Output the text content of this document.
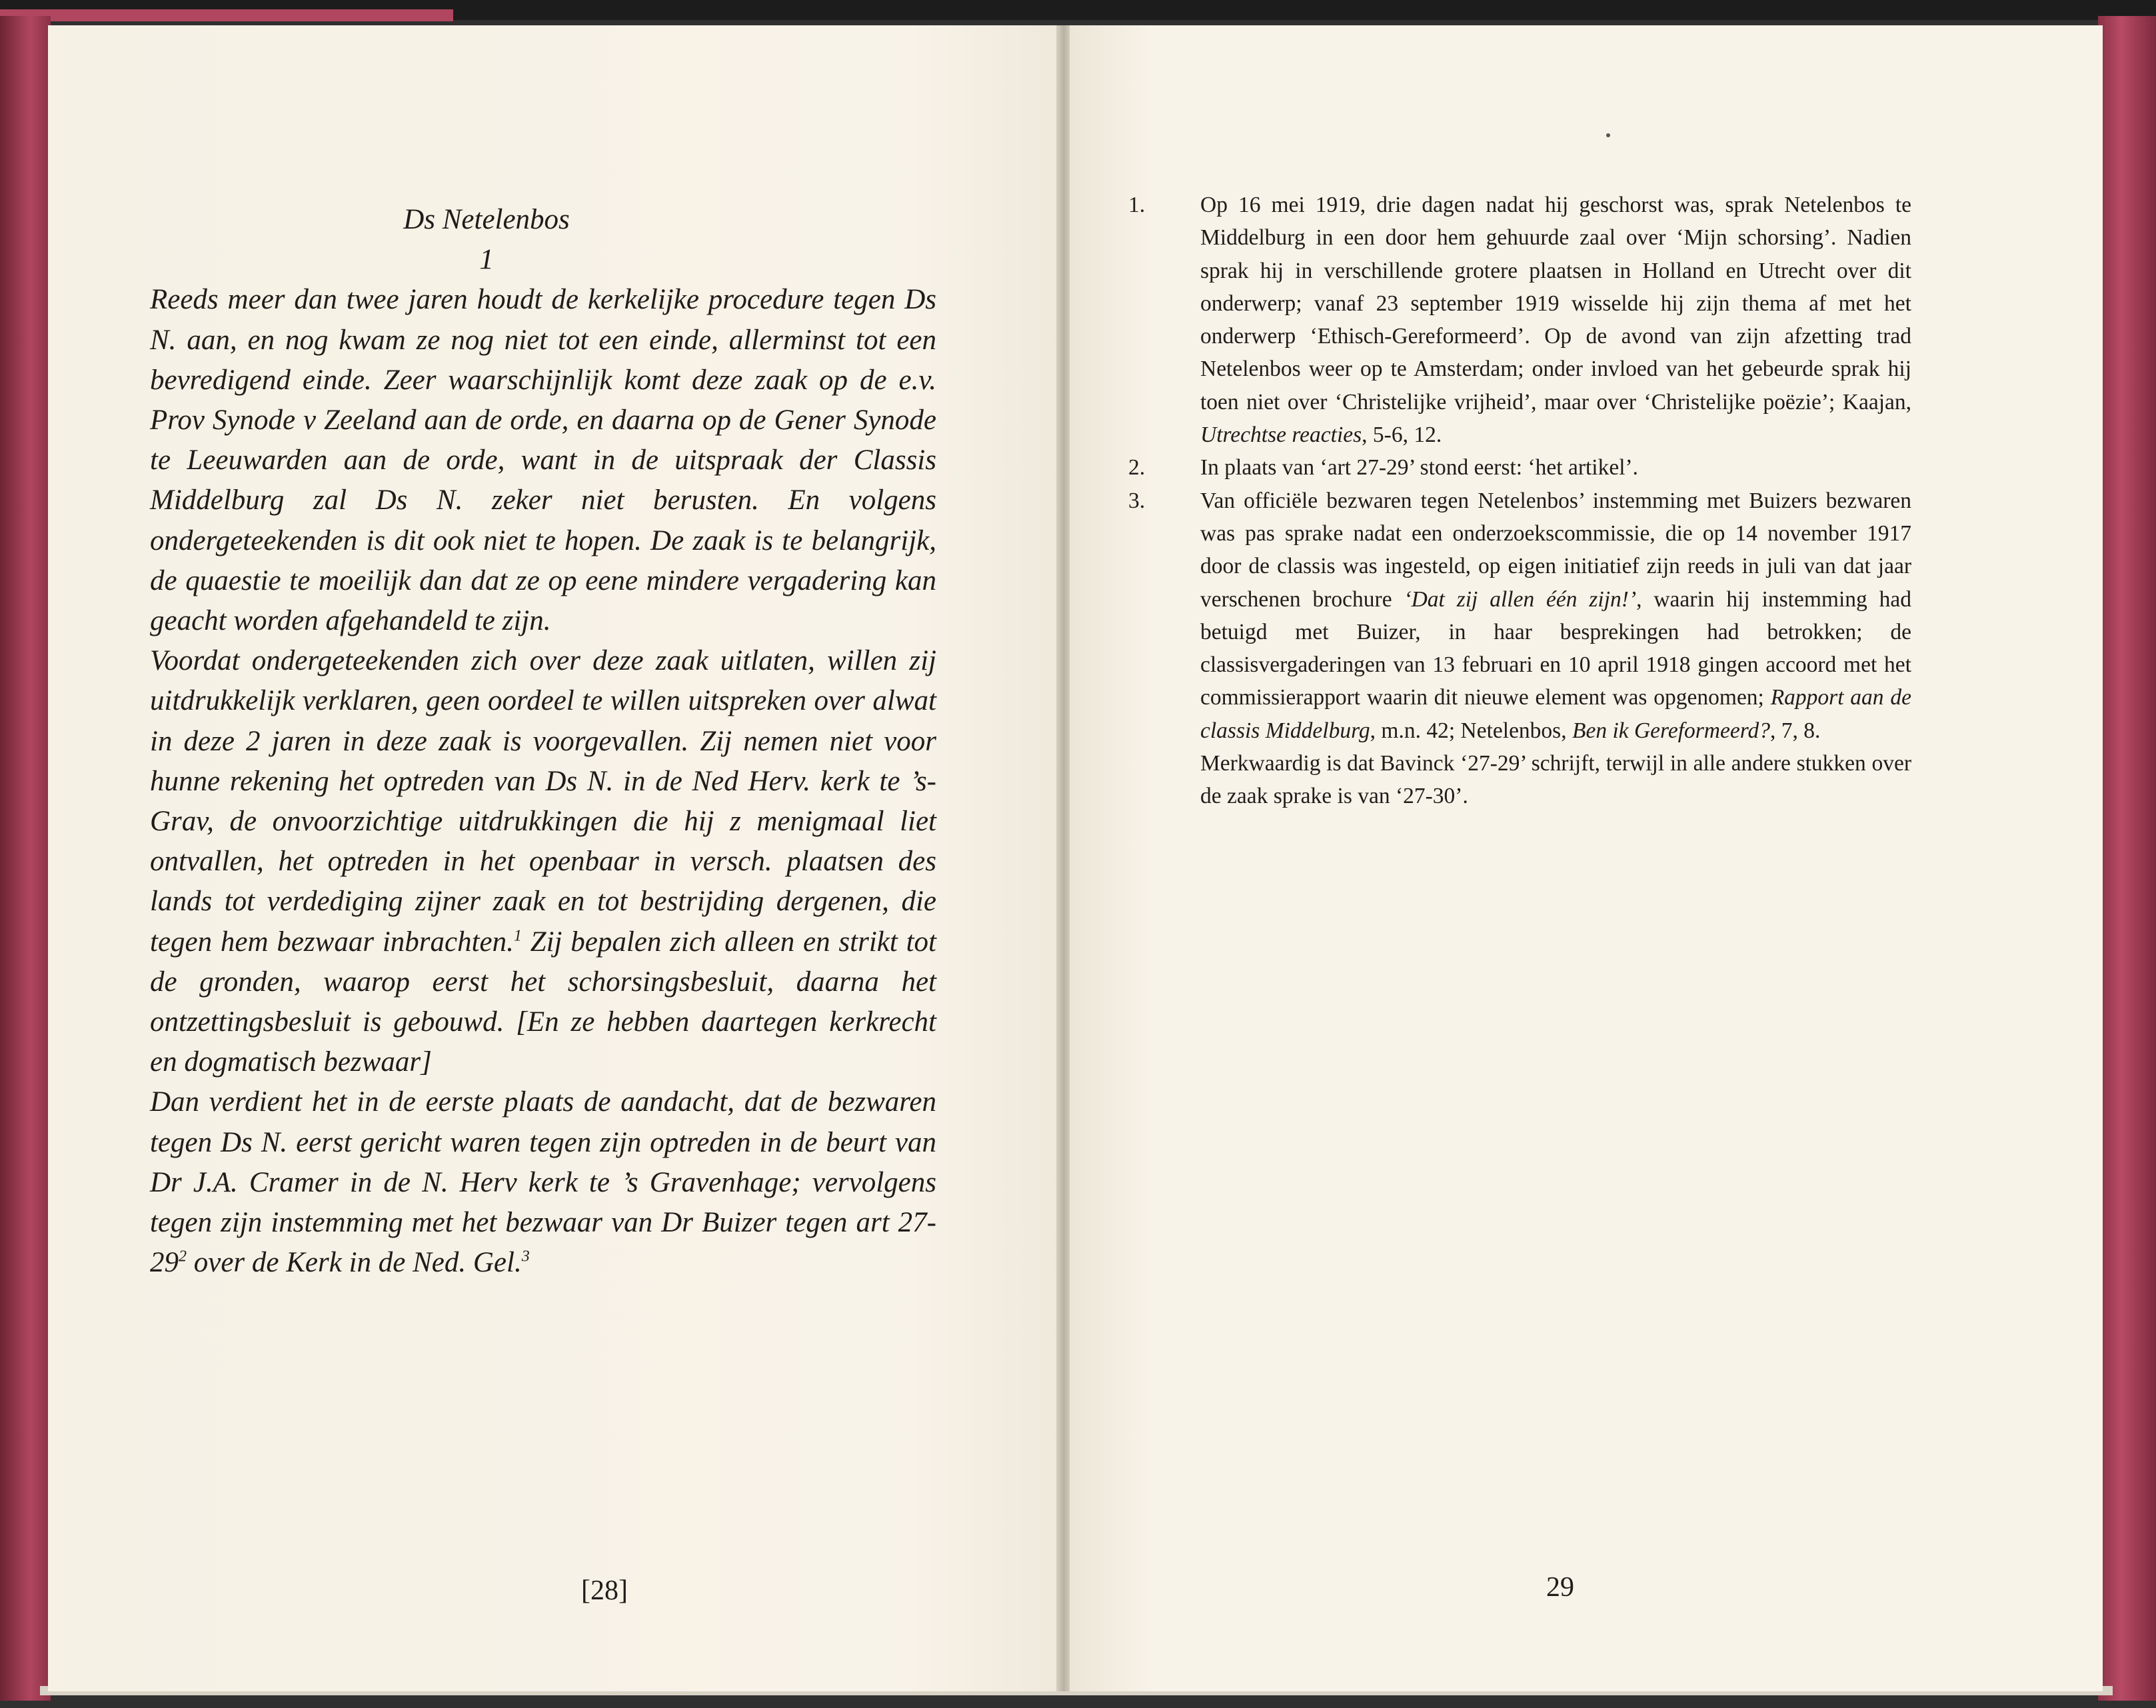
[28]	29
Ds Netelenbos
1

Reeds meer dan twee jaren houdt de kerkelijke procedure tegen Ds N. aan, en nog kwam ze nog niet tot een einde, allerminst tot een bevredigend einde. Zeer waarschijnlijk komt deze zaak op de e.v. Prov Synode v Zeeland aan de orde, en daarna op de Gener Synode te Leeuwarden aan de orde, want in de uitspraak der Classis Middelburg zal Ds N. zeker niet berusten. En volgens ondergeteekenden is dit ook niet te hopen. De zaak is te belangrijk, de quaestie te moeilijk dan dat ze op eene mindere vergadering kan geacht worden afgehandeld te zijn.

Voordat ondergeteekenden zich over deze zaak uitlaten, willen zij uitdrukkelijk verklaren, geen oordeel te willen uitspreken over alwat in deze 2 jaren in deze zaak is voorgevallen. Zij nemen niet voor hunne rekening het optreden van Ds N. in de Ned Herv. kerk te ’s-Grav, de onvoorzichtige uitdrukkingen die hij z menigmaal liet ontvallen, het optreden in het openbaar in versch. plaatsen des lands tot verdediging zijner zaak en tot bestrijding dergenen, die tegen hem bezwaar inbrachten.$^1$ Zij bepalen zich alleen en strikt tot de gronden, waarop eerst het schorsingsbesluit, daarna het ontzettingsbesluit is gebouwd. [En ze hebben daartegen kerkrecht en dogmatisch bezwaar]

Dan verdient het in de eerste plaats de aandacht, dat de bezwaren tegen Ds N. eerst gericht waren tegen zijn optreden in de beurt van Dr J.A. Cramer in de N. Herv kerk te ’s Gravenhage; vervolgens tegen zijn instemming met het bezwaar van Dr Buizer tegen art $27-29^2$ over de Kerk in de Ned. Gel.$^3$

1.	Op 16 mei 1919, drie dagen nadat hij geschorst was, sprak Netelenbos te Middelburg in een door hem gehuurde zaal over ‘Mijn schorsing’. Nadien sprak hij in verschillende grotere plaatsen in Holland en Utrecht over dit onderwerp; vanaf 23 september 1919 wisselde hij zijn thema af met het onderwerp ‘Ethisch-Gereformeerd’. Op de avond van zijn afzetting trad Netelenbos weer op te Amsterdam; onder invloed van het gebeurde sprak hij toen niet over ‘Christelijke vrijheid’, maar over ‘Christelijke poëzie’; Kaajan, Utrechtse reacties, 5-6, 12.
2.	In plaats van ‘art 27-29’ stond eerst: ‘het artikel’.
3.	Van officiële bezwaren tegen Netelenbos’ instemming met Buizers bezwaren was pas sprake nadat een onderzoekscommissie, die op 14 november 1917 door de classis was ingesteld, op eigen initiatief zijn reeds in juli van dat jaar verschenen brochure ‘Dat zij allen één zijn!’, waarin hij instemming had betuigd met Buizer, in haar besprekingen had betrokken; de classisvergaderingen van 13 februari en 10 april 1918 gingen accoord met het commissierapport waarin dit nieuwe element was opgenomen; Rapport aan de classis Middelburg, m.n. 42; Netelenbos, Ben ik Gereformeerd?, 7, 8.
Merkwaardig is dat Bavinck ‘27-29’ schrijft, terwijl in alle andere stukken over de zaak sprake is van ‘27-30’.
